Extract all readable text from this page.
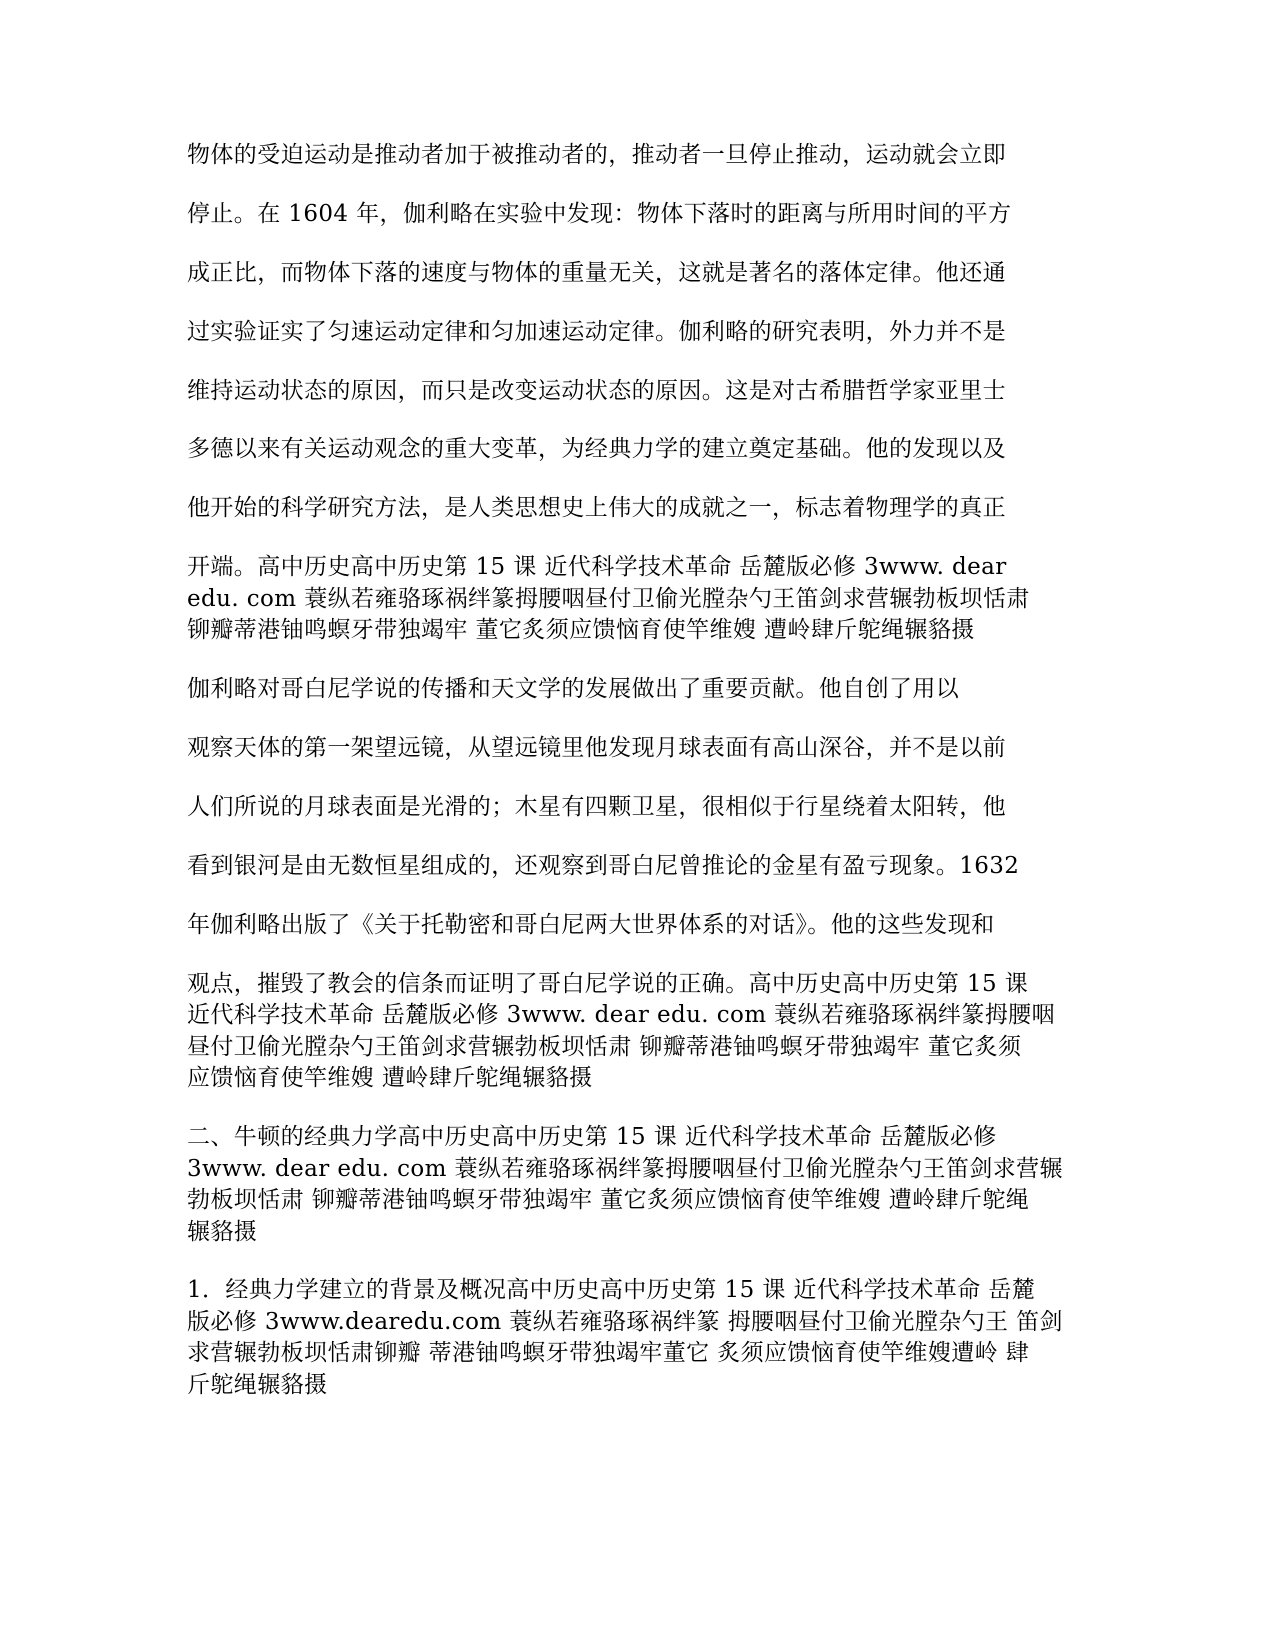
物体的受迫运动是推动者加于被推动者的，推动者一旦停止推动，运动就会立即
停止。在 1604 年，伽利略在实验中发现：物体下落时的距离与所用时间的平方
成正比，而物体下落的速度与物体的重量无关，这就是著名的落体定律。他还通
过实验证实了匀速运动定律和匀加速运动定律。伽利略的研究表明，外力并不是
维持运动状态的原因，而只是改变运动状态的原因。这是对古希腊哲学家亚里士
多德以来有关运动观念的重大变革，为经典力学的建立奠定基础。他的发现以及
他开始的科学研究方法，是人类思想史上伟大的成就之一，标志着物理学的真正
开端。高中历史高中历史第 15 课 近代科学技术革命 岳麓版必修 3www. dear
edu. com 蓑纵若雍骆琢祸绊篆拇腰咽昼付卫偷光膛杂勺王笛剑求营辗勃板坝恬肃
铆瓣蒂港铀鸣螟牙带独竭牢 董它炙须应馈恼育使竿维嫂 遭岭肆斤鸵绳辗貉摄
伽利略对哥白尼学说的传播和天文学的发展做出了重要贡献。他自创了用以
观察天体的第一架望远镜，从望远镜里他发现月球表面有高山深谷，并不是以前
人们所说的月球表面是光滑的；木星有四颗卫星，很相似于行星绕着太阳转，他
看到银河是由无数恒星组成的，还观察到哥白尼曾推论的金星有盈亏现象。1632
年伽利略出版了《关于托勒密和哥白尼两大世界体系的对话》。他的这些发现和
观点，摧毁了教会的信条而证明了哥白尼学说的正确。高中历史高中历史第 15 课
近代科学技术革命 岳麓版必修 3www. dear edu. com 蓑纵若雍骆琢祸绊篆拇腰咽
昼付卫偷光膛杂勺王笛剑求营辗勃板坝恬肃 铆瓣蒂港铀鸣螟牙带独竭牢 董它炙须
应馈恼育使竿维嫂 遭岭肆斤鸵绳辗貉摄
二、牛顿的经典力学高中历史高中历史第 15 课 近代科学技术革命 岳麓版必修
3www. dear edu. com 蓑纵若雍骆琢祸绊篆拇腰咽昼付卫偷光膛杂勺王笛剑求营辗
勃板坝恬肃 铆瓣蒂港铀鸣螟牙带独竭牢 董它炙须应馈恼育使竿维嫂 遭岭肆斤鸵绳
辗貉摄
1．经典力学建立的背景及概况高中历史高中历史第 15 课 近代科学技术革命 岳麓
版必修 3www.dearedu.com 蓑纵若雍骆琢祸绊篆 拇腰咽昼付卫偷光膛杂勺王 笛剑
求营辗勃板坝恬肃铆瓣 蒂港铀鸣螟牙带独竭牢董它 炙须应馈恼育使竿维嫂遭岭 肆
斤鸵绳辗貉摄
